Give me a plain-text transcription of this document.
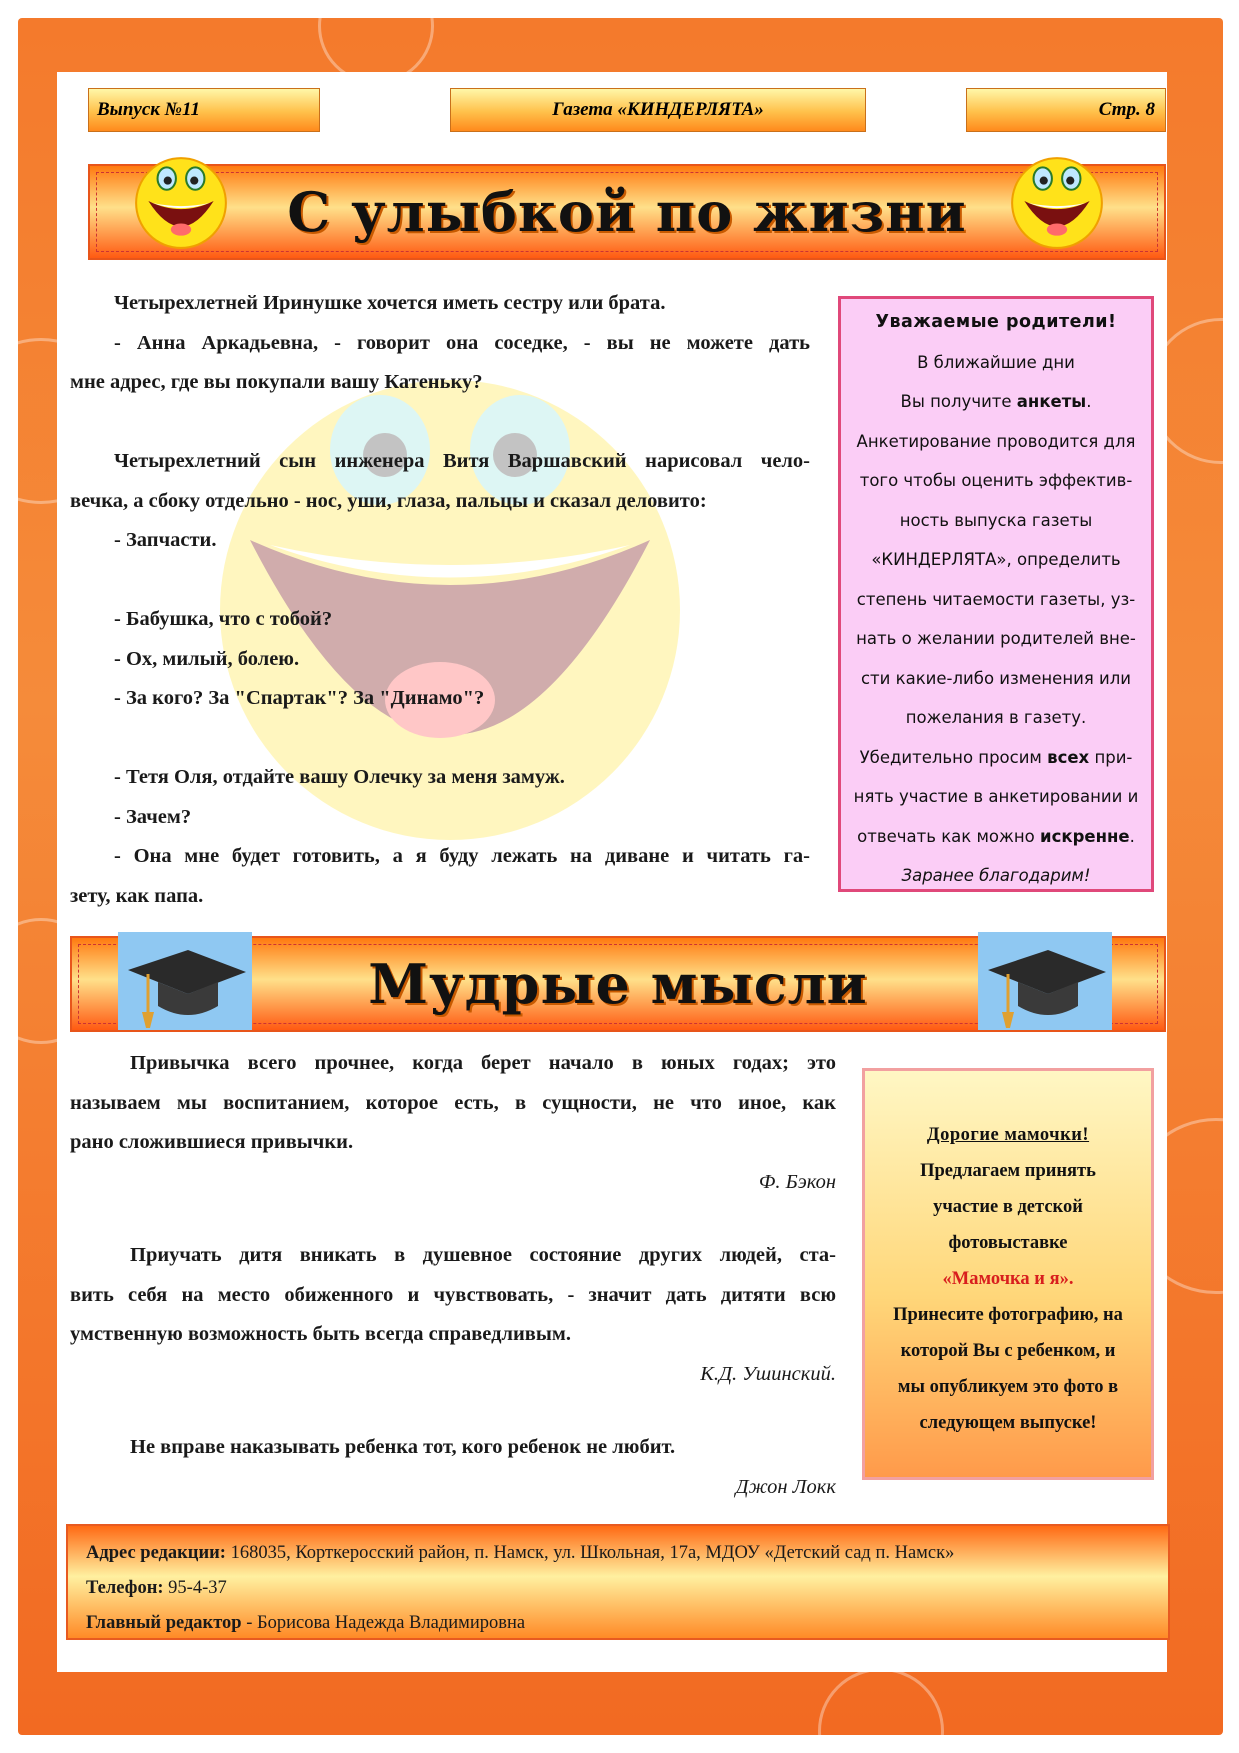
Выпуск №11	Газета «КИНДЕРЛЯТА»	Стр. 8
С улыбкой по жизни

Четырехлетней Иринушке хочется иметь сестру или брата.

- Анна Аркадьевна, - говорит она соседке, - вы не можете дать

мне адрес, где вы покупали вашу Катеньку?

Четырехлетний сын инженера Витя Варшавский нарисовал чело-

вечка, а сбоку отдельно - нос, уши, глаза, пальцы и сказал деловито:

- Запчасти.

- Бабушка, что с тобой?

- Ох, милый, болею.

- За кого? За "Спартак"? За "Динамо"?

- Тетя Оля, отдайте вашу Олечку за меня замуж.

- Зачем?

- Она мне будет готовить, а я буду лежать на диване и читать га-

зету, как папа.

Уважаемые родители!
В ближайшие дни
Вы получите анкеты.
Анкетирование проводится для
того чтобы оценить эффектив-
ность выпуска газеты
«КИНДЕРЛЯТА», определить
степень читаемости газеты, уз-
нать о желании родителей вне-
сти какие-либо изменения или
пожелания в газету.
Убедительно просим всех при-
нять участие в анкетировании и
отвечать как можно искренне.
Заранее благодарим!
Мудрые мысли

Привычка всего прочнее, когда берет начало в юных годах; это

называем мы воспитанием, которое есть, в сущности, не что иное, как

рано сложившиеся привычки.

Ф. Бэкон

Приучать дитя вникать в душевное состояние других людей, ста-

вить себя на место обиженного и чувствовать, - значит дать дитяти всю

умственную возможность быть всегда справедливым.

К.Д. Ушинский.

Не вправе наказывать ребенка тот, кого ребенок не любит.

Джон Локк

Дорогие мамочки!
Предлагаем принять
участие в детской
фотовыставке
«Мамочка и я».
Принесите фотографию, на
которой Вы с ребенком, и
мы опубликуем это фото в
следующем выпуске!
Адрес редакции: 168035, Корткеросский район, п. Намск, ул. Школьная, 17а, МДОУ «Детский сад п. Намск»
Телефон: 95-4-37
Главный редактор - Борисова Надежда Владимировна
